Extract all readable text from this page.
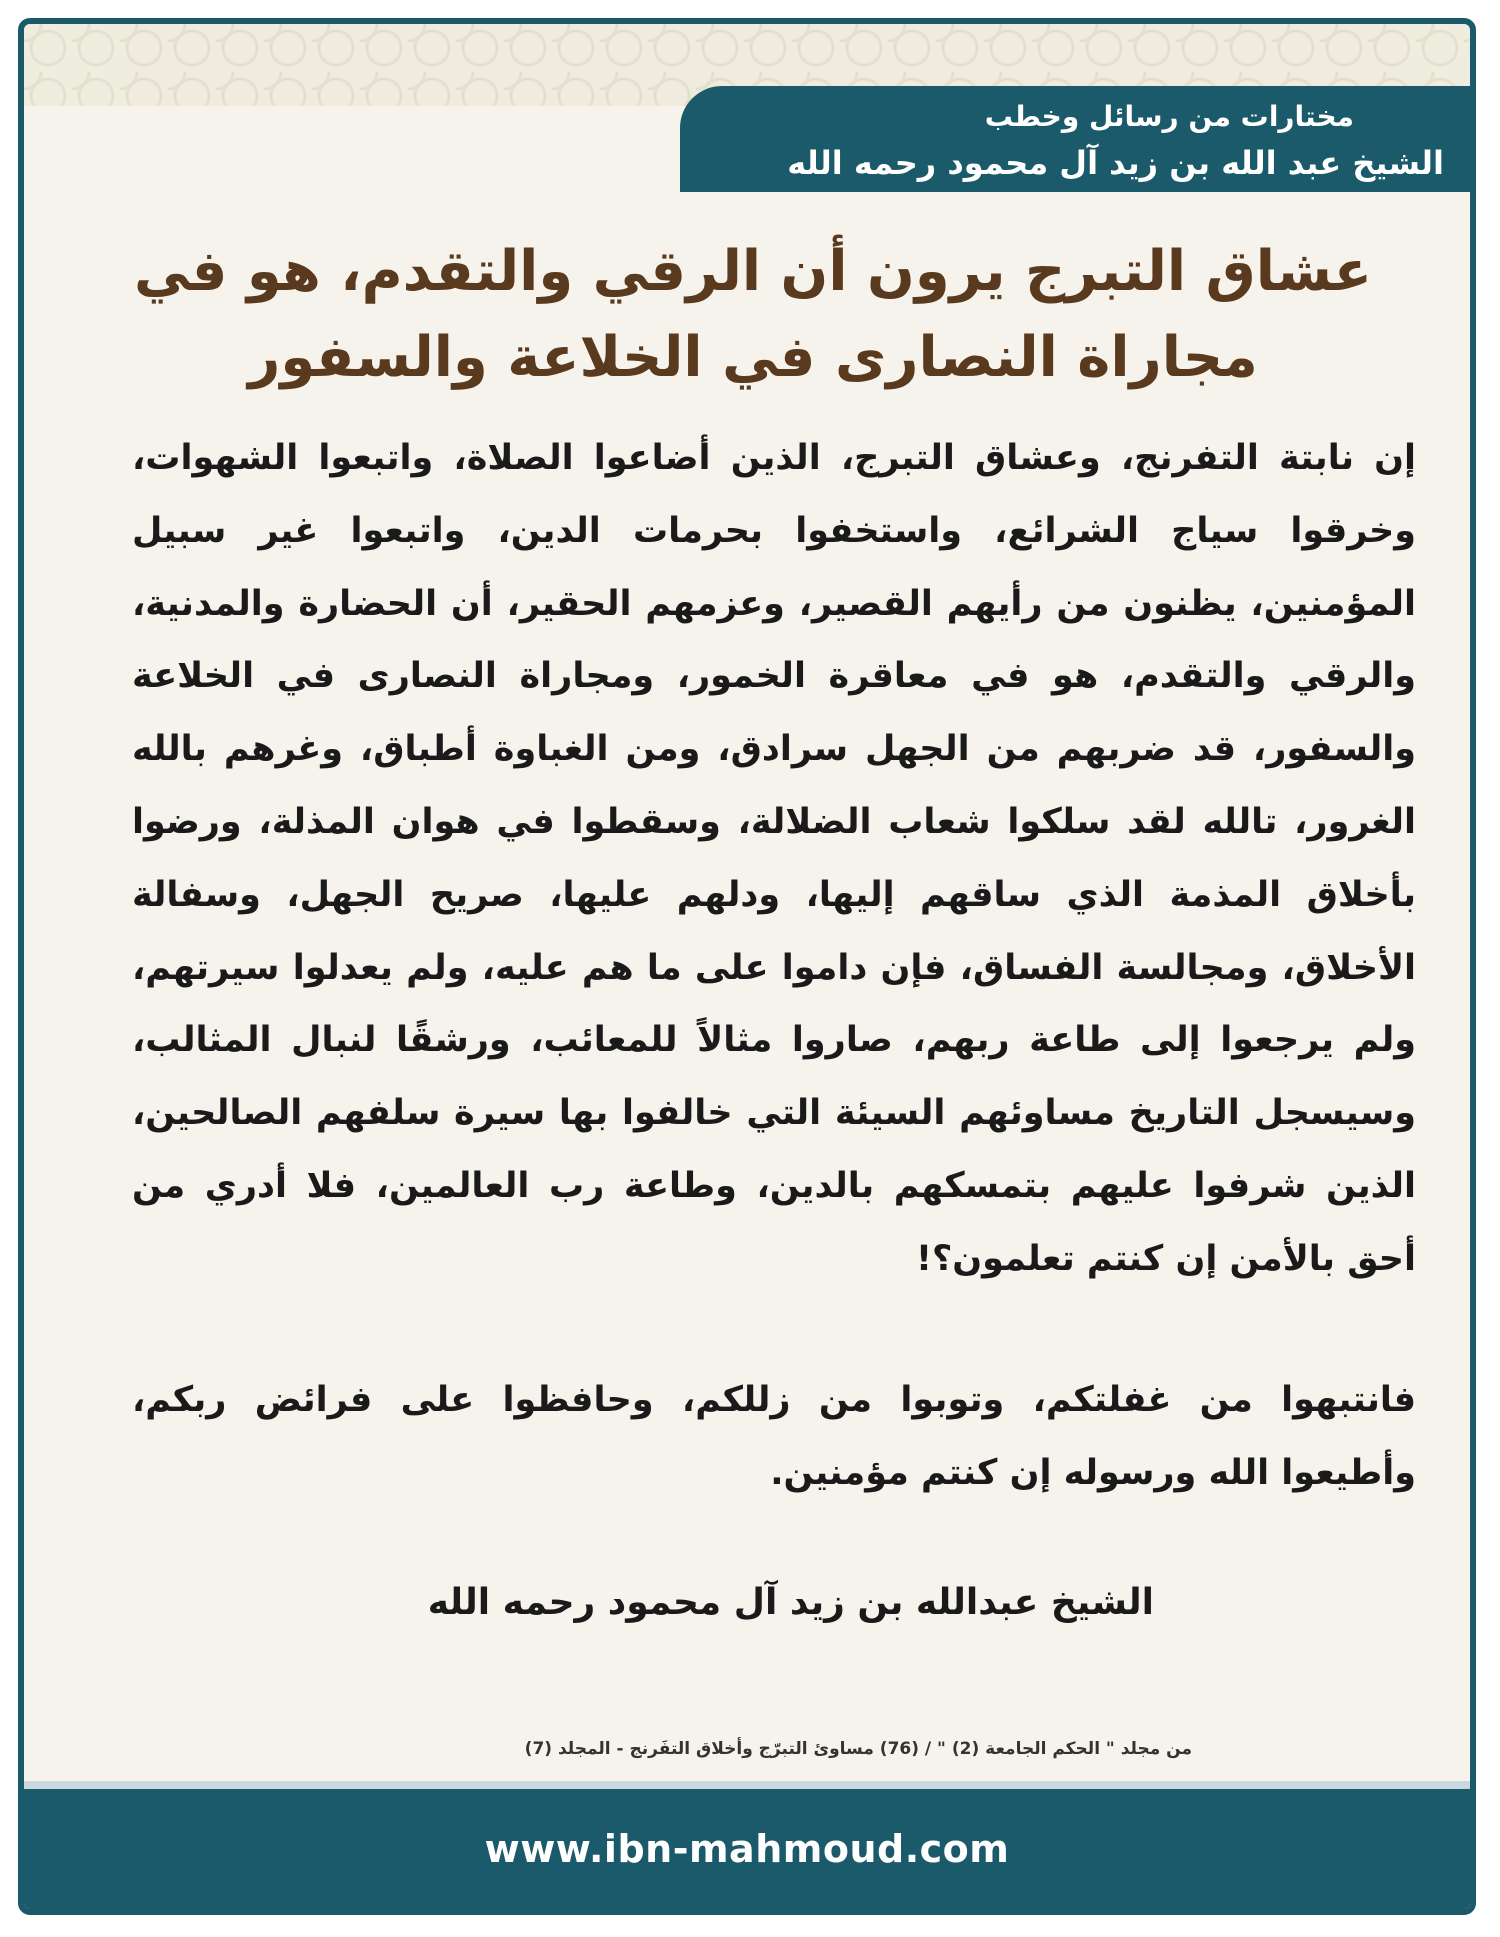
مختارات من رسائل وخطب
الشيخ عبد الله بن زيد آل محمود رحمه الله
عشاق التبرج يرون أن الرقي والتقدم، هو في مجاراة النصارى في الخلاعة والسفور

إن نابتة التفرنج، وعشاق التبرج، الذين أضاعوا الصلاة، واتبعوا الشهوات، وخرقوا سياج الشرائع، واستخفوا بحرمات الدين، واتبعوا غير سبيل المؤمنين، يظنون من رأيهم القصير، وعزمهم الحقير، أن الحضارة والمدنية، والرقي والتقدم، هو في معاقرة الخمور، ومجاراة النصارى في الخلاعة والسفور، قد ضربهم من الجهل سرادق، ومن الغباوة أطباق، وغرهم بالله الغرور، تالله لقد سلكوا شعاب الضلالة، وسقطوا في هوان المذلة، ورضوا بأخلاق المذمة الذي ساقهم إليها، ودلهم عليها، صريح الجهل، وسفالة الأخلاق، ومجالسة الفساق، فإن داموا على ما هم عليه، ولم يعدلوا سيرتهم، ولم يرجعوا إلى طاعة ربهم، صاروا مثالاً للمعائب، ورشقًا لنبال المثالب، وسيسجل التاريخ مساوئهم السيئة التي خالفوا بها سيرة سلفهم الصالحين، الذين شرفوا عليهم بتمسكهم بالدين، وطاعة رب العالمين، فلا أدري من أحق بالأمن إن كنتم تعلمون؟!

فانتبهوا من غفلتكم، وتوبوا من زللكم، وحافظوا على فرائض ربكم، وأطيعوا الله ورسوله إن كنتم مؤمنين.

الشيخ عبدالله بن زيد آل محمود رحمه الله
من مجلد " الحكم الجامعة (2) " / (76) مساوئ التبرّج وأخلاق التفَرنج - المجلد (7)
www.ibn-mahmoud.com
